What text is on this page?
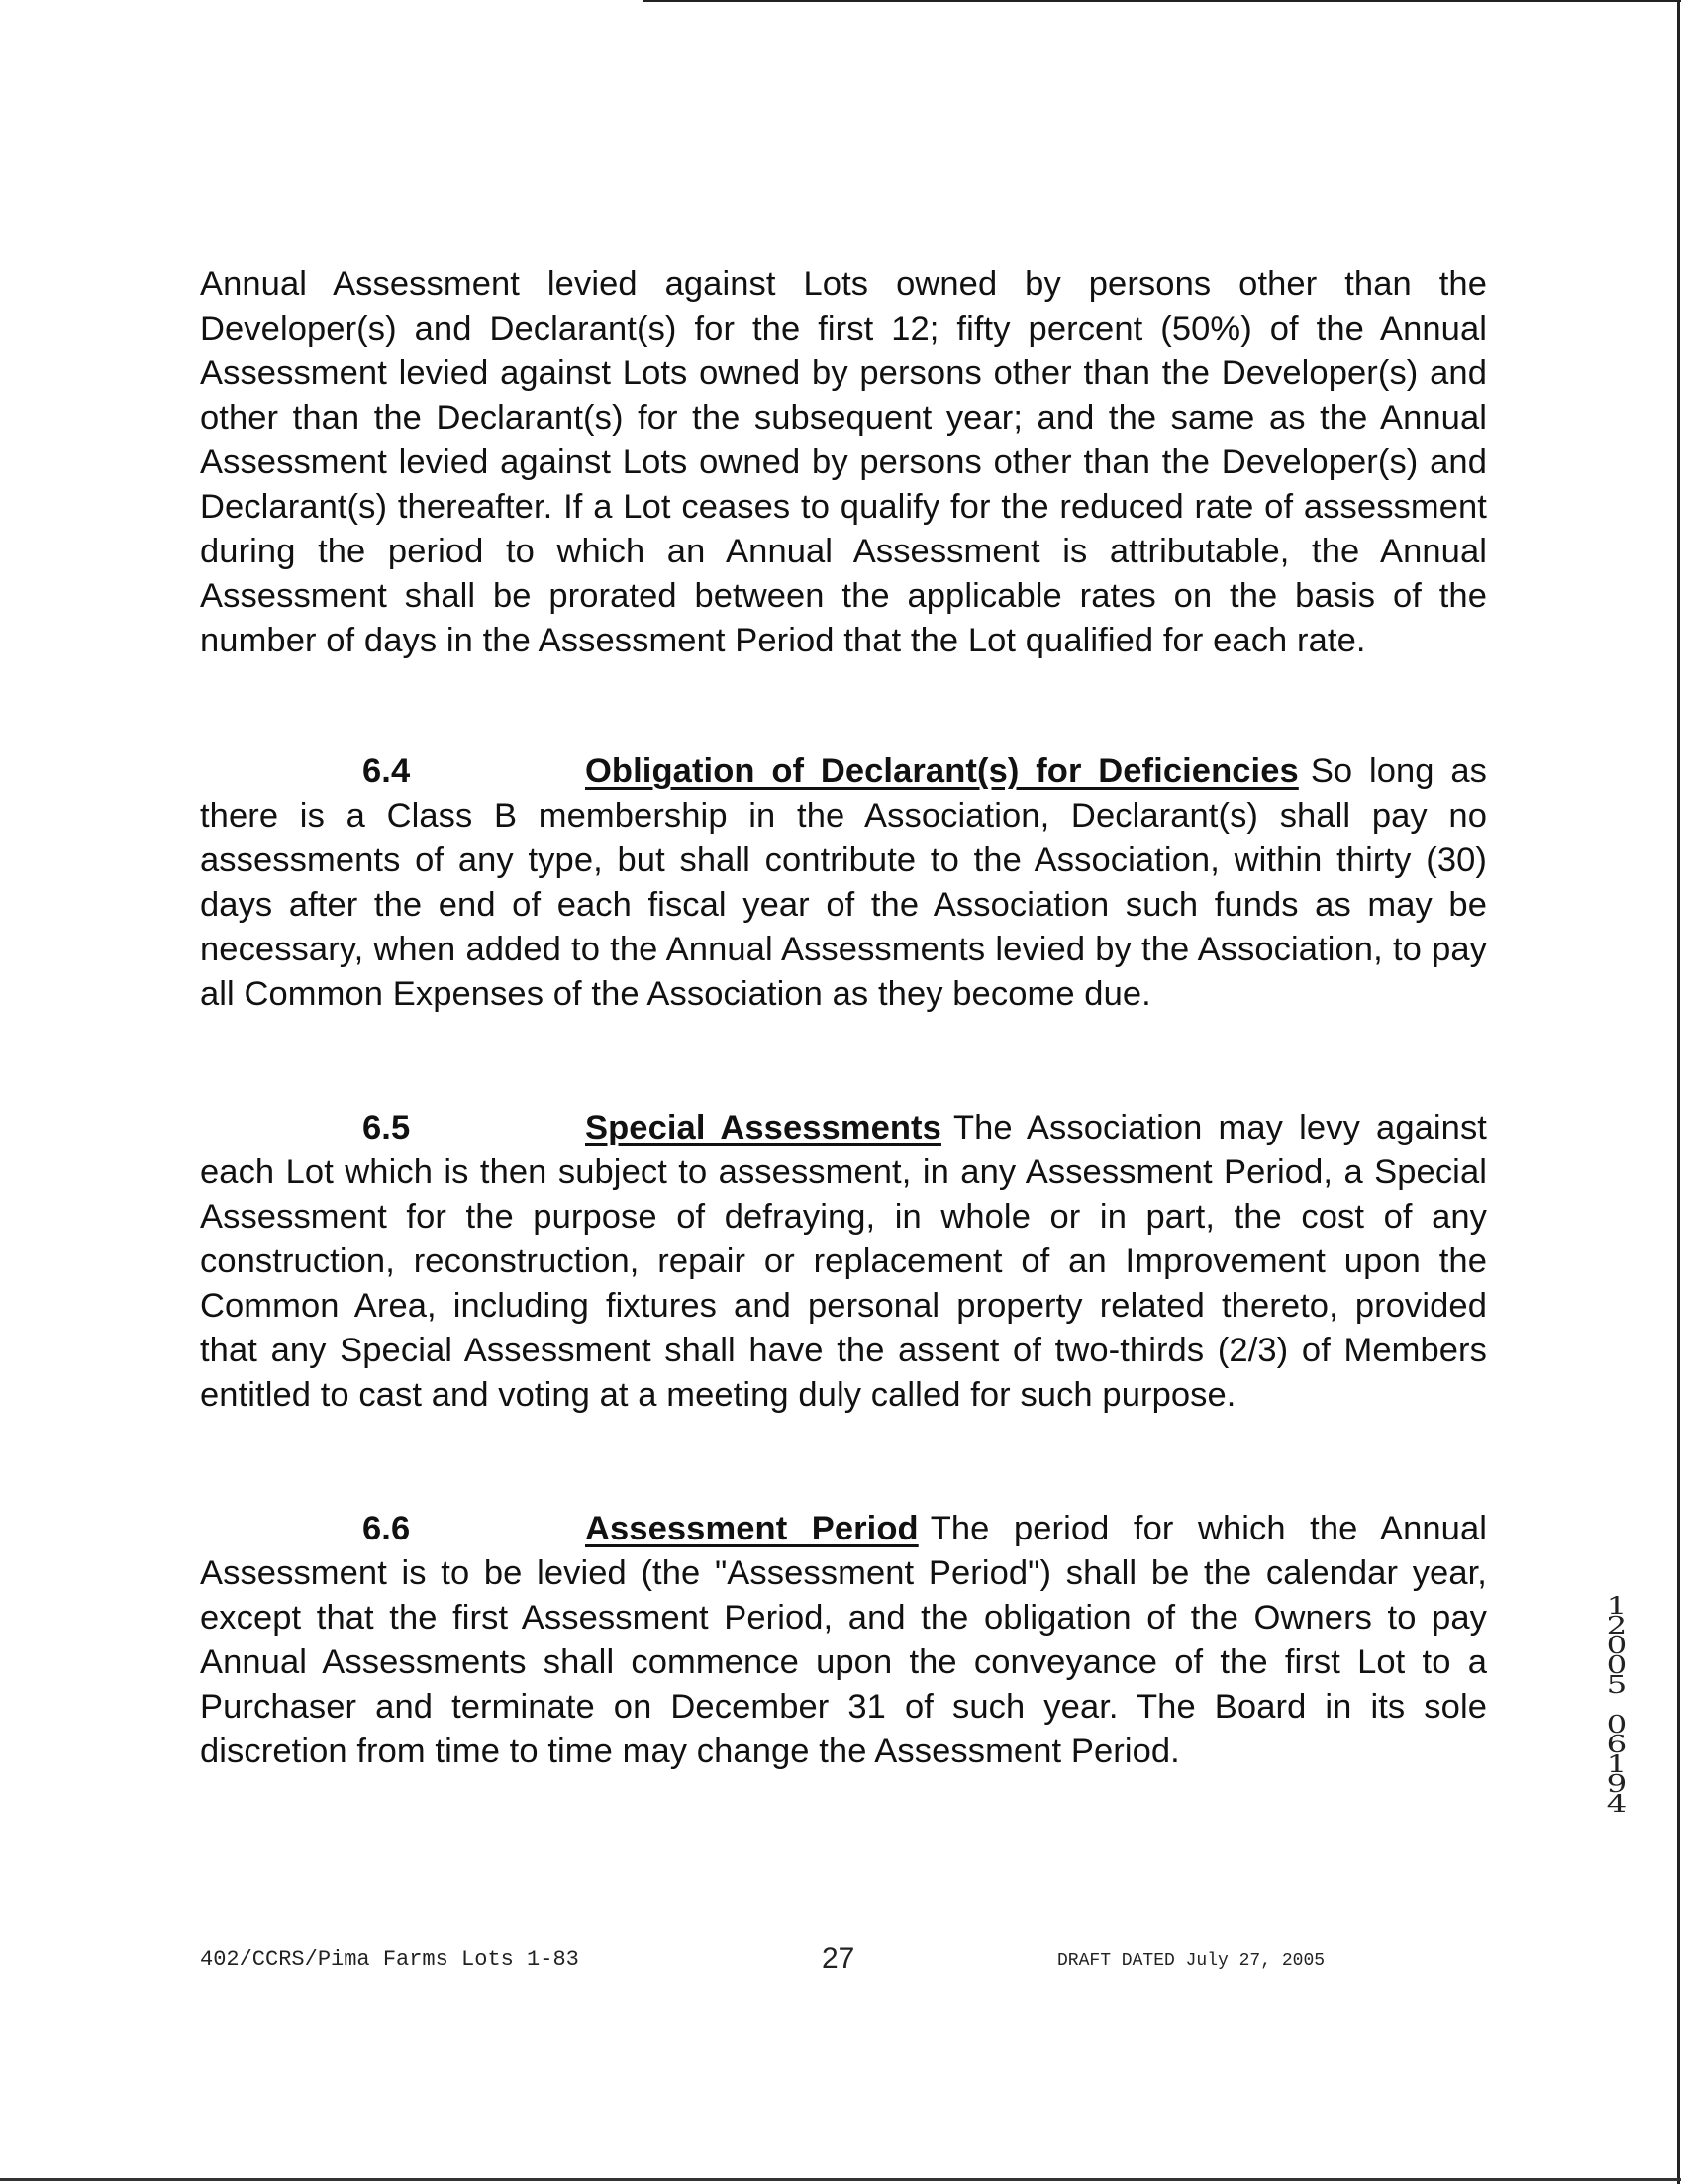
Annual Assessment levied against Lots owned by persons other than the Developer(s) and Declarant(s) for the first 12; fifty percent (50%) of the Annual Assessment levied against Lots owned by persons other than the Developer(s) and other than the Declarant(s) for the subsequent year; and the same as the Annual Assessment levied against Lots owned by persons other than the Developer(s) and Declarant(s) thereafter. If a Lot ceases to qualify for the reduced rate of assessment during the period to which an Annual Assessment is attributable, the Annual Assessment shall be prorated between the applicable rates on the basis of the number of days in the Assessment Period that the Lot qualified for each rate.

6.4	Obligation of Declarant(s) for Deficiencies So long as there is a Class B membership in the Association, Declarant(s) shall pay no assessments of any type, but shall contribute to the Association, within thirty (30) days after the end of each fiscal year of the Association such funds as may be necessary, when added to the Annual Assessments levied by the Association, to pay all Common Expenses of the Association as they become due.

6.5	Special Assessments The Association may levy against each Lot which is then subject to assessment, in any Assessment Period, a Special Assessment for the purpose of defraying, in whole or in part, the cost of any construction, reconstruction, repair or replacement of an Improvement upon the Common Area, including fixtures and personal property related thereto, provided that any Special Assessment shall have the assent of two-thirds (2/3) of Members entitled to cast and voting at a meeting duly called for such purpose.

6.6	Assessment Period The period for which the Annual Assessment is to be levied (the "Assessment Period") shall be the calendar year, except that the first Assessment Period, and the obligation of the Owners to pay Annual Assessments shall commence upon the conveyance of the first Lot to a Purchaser and terminate on December 31 of such year. The Board in its sole discretion from time to time may change the Assessment Period.

1
2
0
0
5
0
6
1
9
4
402/CCRS/Pima Farms Lots 1-83	27	DRAFT DATED July 27, 2005
